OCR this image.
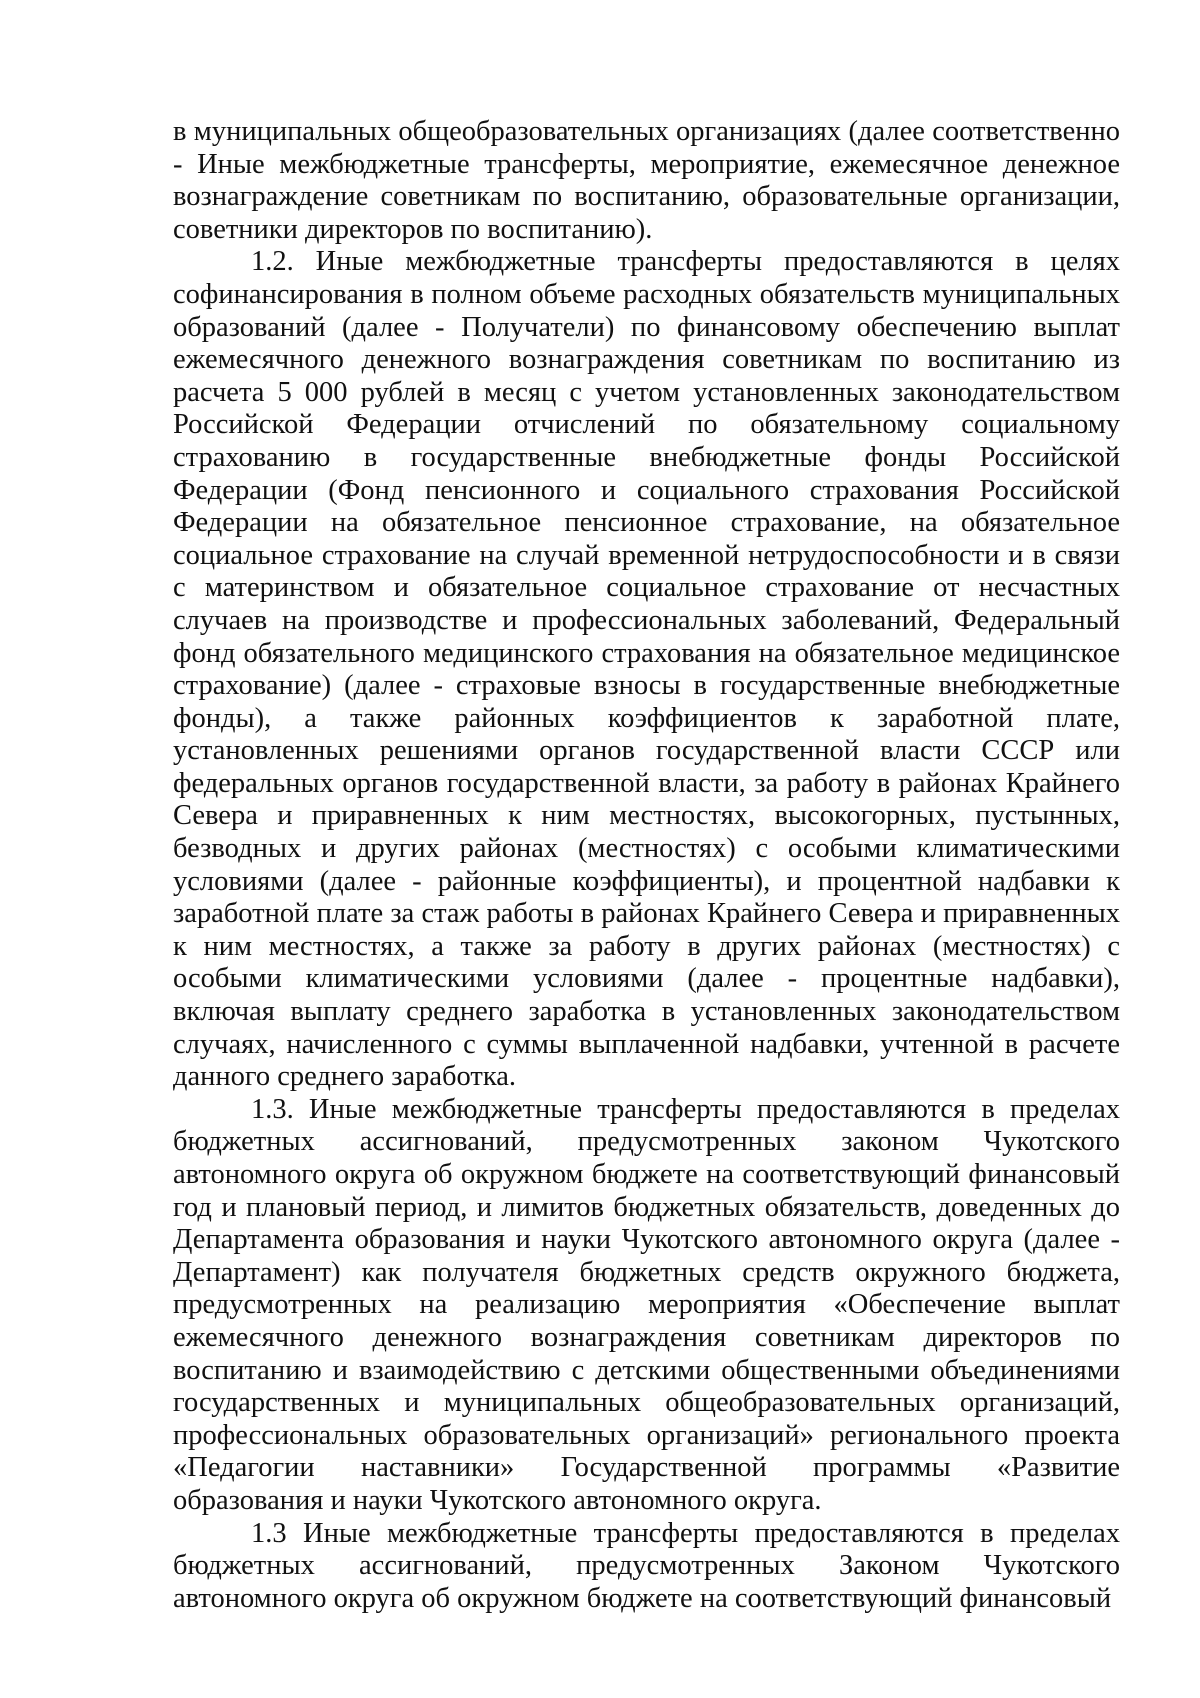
в муниципальных общеобразовательных организациях (далее соответственно - Иные межбюджетные трансферты, мероприятие, ежемесячное денежное вознаграждение советникам по воспитанию, образовательные организации, советники директоров по воспитанию).

1.2. Иные межбюджетные трансферты предоставляются в целях софинансирования в полном объеме расходных обязательств муниципальных образований (далее - Получатели) по финансовому обеспечению выплат ежемесячного денежного вознаграждения советникам по воспитанию из расчета 5 000 рублей в месяц с учетом установленных законодательством Российской Федерации отчислений по обязательному социальному страхованию в государственные внебюджетные фонды Российской Федерации (Фонд пенсионного и социального страхования Российской Федерации на обязательное пенсионное страхование, на обязательное социальное страхование на случай временной нетрудоспособности и в связи с материнством и обязательное социальное страхование от несчастных случаев на производстве и профессиональных заболеваний, Федеральный фонд обязательного медицинского страхования на обязательное медицинское страхование) (далее - страховые взносы в государственные внебюджетные фонды), а также районных коэффициентов к заработной плате, установленных решениями органов государственной власти СССР или федеральных органов государственной власти, за работу в районах Крайнего Севера и приравненных к ним местностях, высокогорных, пустынных, безводных и других районах (местностях) с особыми климатическими условиями (далее - районные коэффициенты), и процентной надбавки к заработной плате за стаж работы в районах Крайнего Севера и приравненных к ним местностях, а также за работу в других районах (местностях) с особыми климатическими условиями (далее - процентные надбавки), включая выплату среднего заработка в установленных законодательством случаях, начисленного с суммы выплаченной надбавки, учтенной в расчете данного среднего заработка.

1.3. Иные межбюджетные трансферты предоставляются в пределах бюджетных ассигнований, предусмотренных законом Чукотского автономного округа об окружном бюджете на соответствующий финансовый год и плановый период, и лимитов бюджетных обязательств, доведенных до Департамента образования и науки Чукотского автономного округа (далее - Департамент) как получателя бюджетных средств окружного бюджета, предусмотренных на реализацию мероприятия «Обеспечение выплат ежемесячного денежного вознаграждения советникам директоров по воспитанию и взаимодействию с детскими общественными объединениями государственных и муниципальных общеобразовательных организаций, профессиональных образовательных организаций» регионального проекта «Педагогии наставники» Государственной программы «Развитие образования и науки Чукотского автономного округа.

1.3 Иные межбюджетные трансферты предоставляются в пределах бюджетных ассигнований, предусмотренных Законом Чукотского автономного округа об окружном бюджете на соответствующий финансовый
